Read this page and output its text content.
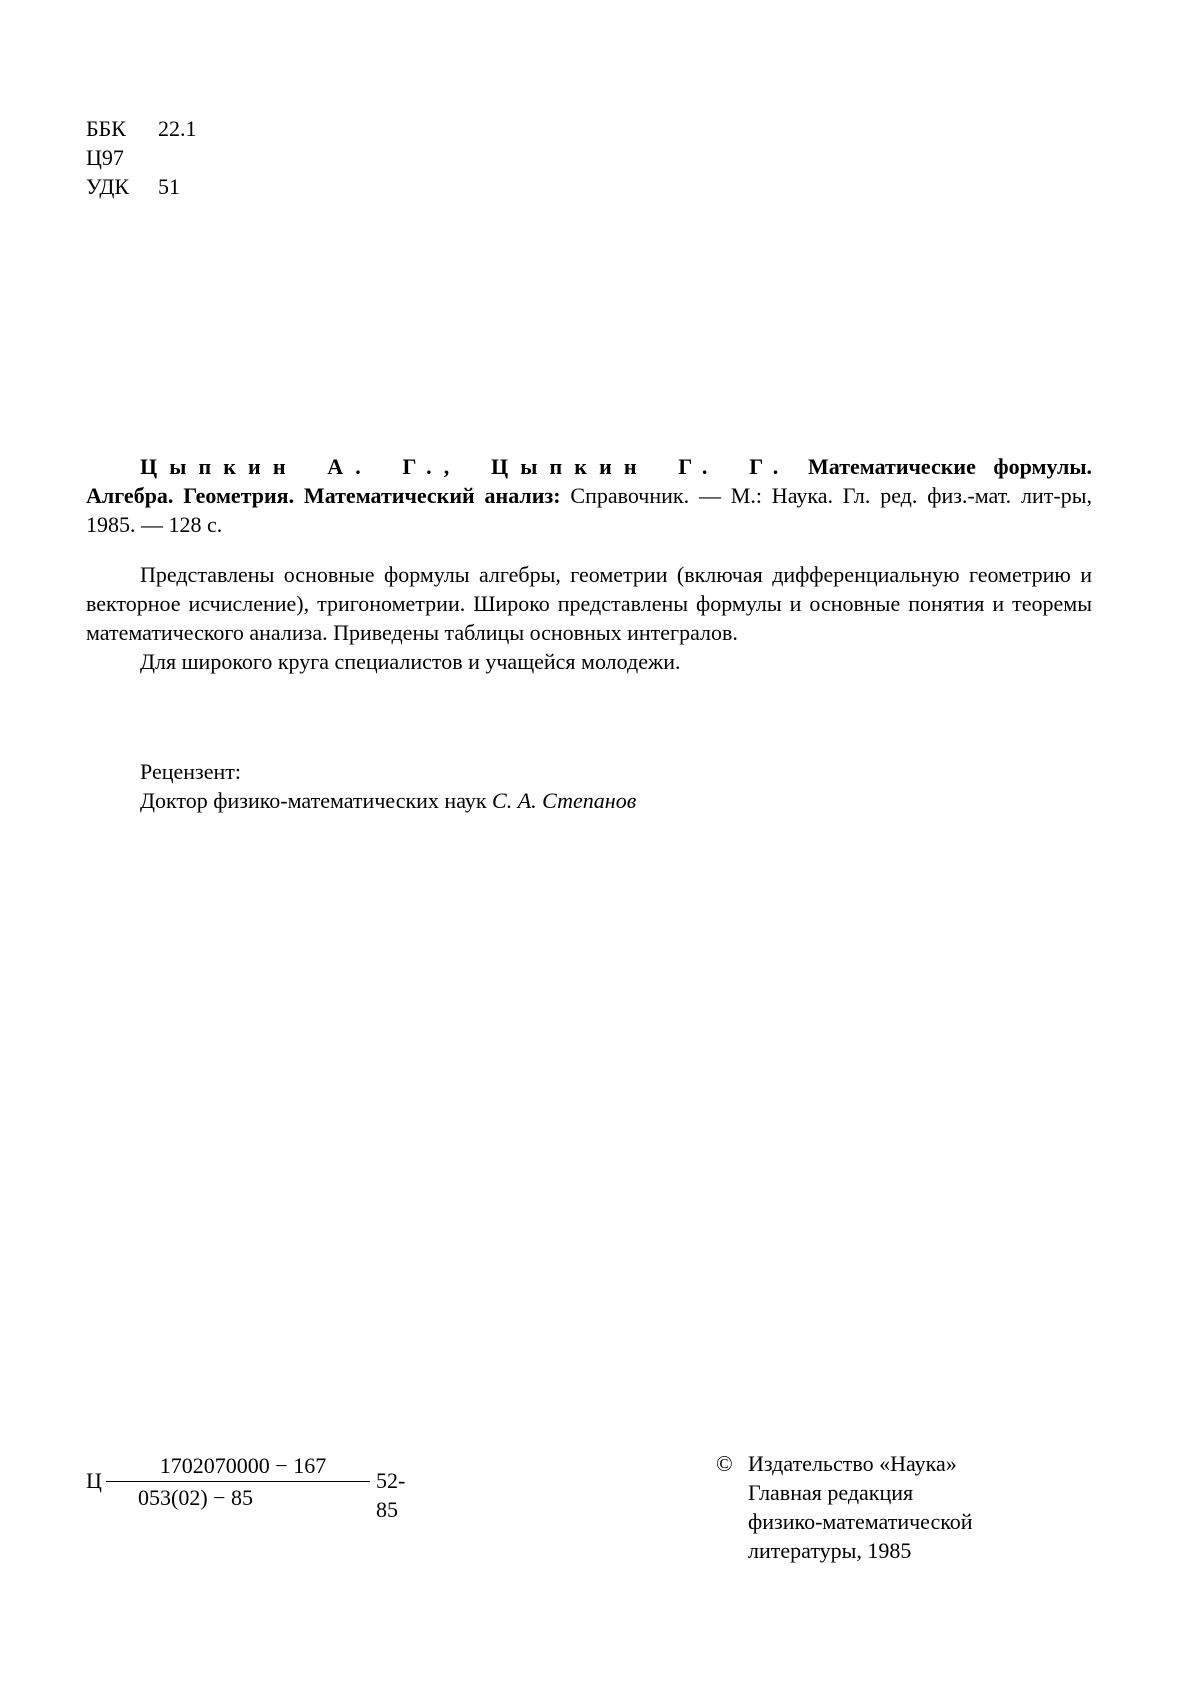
ББК	22.1
Ц97
УДК	51

Цыпкин А. Г., Цыпкин Г. Г. Математические формулы. Алгебра. Геометрия. Математический анализ: Справочник. — М.: Наука. Гл. ред. физ.-мат. лит-ры, 1985. — 128 с.

Представлены основные формулы алгебры, геометрии (включая дифференциальную геометрию и векторное исчисление), тригонометрии. Широко представлены формулы и основные понятия и теоремы математического анализа. Приведены таблицы основных интегралов.

Для широкого круга специалистов и учащейся молодежи.

Рецензент:
Доктор физико-математических наук С. А. Степанов
Ц
1702070000 − 167
053(02) − 85
52-85
© Издательство «Наука»
Главная редакция
физико-математической
литературы, 1985
